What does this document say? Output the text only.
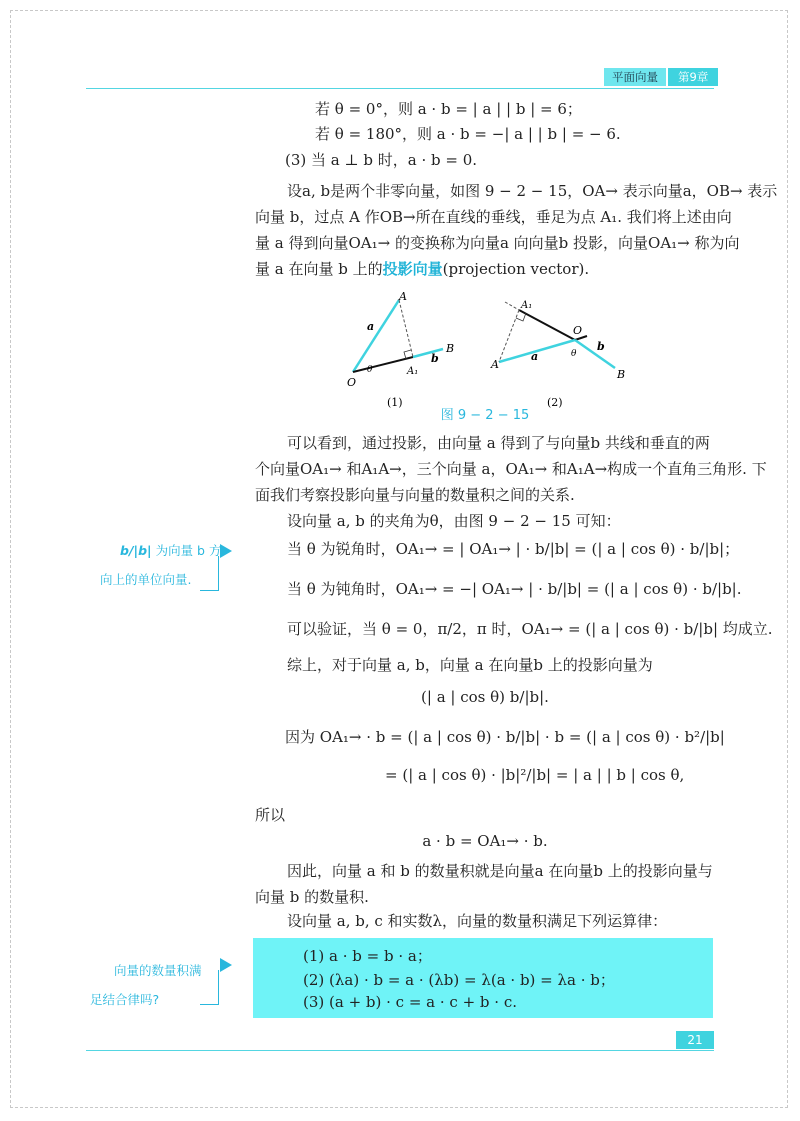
平面向量	第9章
若 θ = 0°，则 a · b = | a | | b | = 6；
若 θ = 180°，则 a · b = −| a | | b | = − 6.
(3) 当 a ⊥ b 时，a · b = 0.
设a, b是两个非零向量，如图 9 − 2 − 15，OA→ 表示向量a，OB→ 表示
向量 b，过点 A 作OB→所在直线的垂线，垂足为点 A₁. 我们将上述由向
量 a 得到向量OA₁→ 的变换称为向量a 向向量b 投影，向量OA₁→ 称为向
量 a 在向量 b 上的投影向量(projection vector).
O
A
B
A₁
a
b
θ
(1)
A₁
O
A
B
a
b
θ
(2)
图 9 − 2 − 15
可以看到，通过投影，由向量 a 得到了与向量b 共线和垂直的两
个向量OA₁→ 和A₁A→，三个向量 a，OA₁→ 和A₁A→构成一个直角三角形. 下
面我们考察投影向量与向量的数量积之间的关系.
设向量 a, b 的夹角为θ，由图 9 − 2 − 15 可知：
当 θ 为锐角时，OA₁→ = | OA₁→ | · b/|b| = (| a | cos θ) · b/|b|；
当 θ 为钝角时，OA₁→ = −| OA₁→ | · b/|b| = (| a | cos θ) · b/|b|.
可以验证，当 θ = 0，π/2，π 时，OA₁→ = (| a | cos θ) · b/|b| 均成立.
综上，对于向量 a, b，向量 a 在向量b 上的投影向量为
(| a | cos θ) b/|b|.
因为 OA₁→ · b = (| a | cos θ) · b/|b| · b = (| a | cos θ) · b²/|b|
= (| a | cos θ) · |b|²/|b| = | a | | b | cos θ,
所以
a · b = OA₁→ · b.
因此，向量 a 和 b 的数量积就是向量a 在向量b 上的投影向量与
向量 b 的数量积.
设向量 a, b, c 和实数λ，向量的数量积满足下列运算律：
b/|b| 为向量 b 方
向上的单位向量.
向量的数量积满
足结合律吗?
(1) a · b = b · a；
(2) (λa) · b = a · (λb) = λ(a · b) = λa · b；
(3) (a + b) · c = a · c + b · c.
21
